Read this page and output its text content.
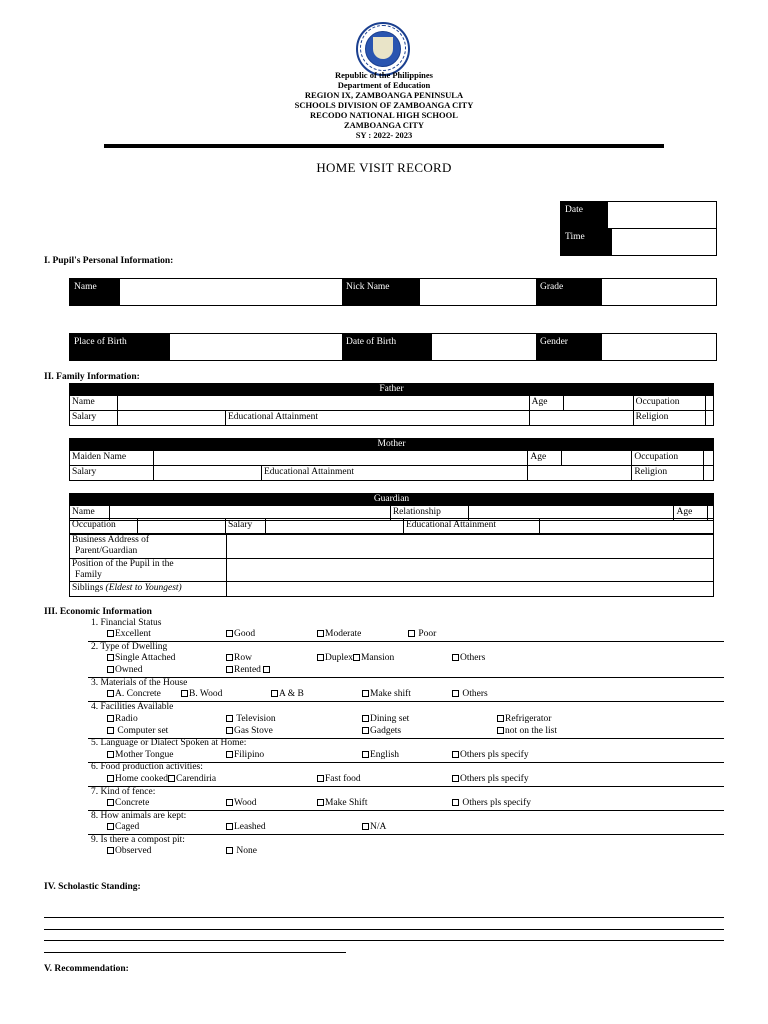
Republic of the Philippines
Department of Education
REGION IX, ZAMBOANGA PENINSULA
SCHOOLS DIVISION OF ZAMBOANGA CITY
RECODO NATIONAL HIGH SCHOOL
ZAMBOANGA CITY
SY : 2022- 2023
HOME VISIT RECORD
Date
Time
I. Pupil's Personal Information:
Name	Nick Name	Grade
Place of Birth	Date of Birth	Gender
II. Family Information:
Father						
Name			Age		Occupation	
Salary		Educational Attainment			Religion	
Mother						
Maiden Name			Age		Occupation	
Salary		Educational Attainment			Religion	
Guardian
Name		Relationship		Age	
Occupation		Salary		Educational Attainment	
Business Address of
Parent/Guardian	

Position of the Pupil in the
Family	

Siblings (Eldest to Youngest)	
III. Economic Information
1. Financial Status
Excellent	Good	Moderate	Poor
2. Type of Dwelling
Single Attached	Row	Duplex Mansion	Others
Owned	Rented
3. Materials of the House
A. Concrete	B. Wood	A & B	Make shift	Others
4. Facilities Available
Radio	Television	Dining set	Refrigerator
Computer set	Gas Stove	Gadgets	not on the list
5. Language or Dialect Spoken at Home:
Mother Tongue	Filipino	English	Others pls specify
6. Food production activities:
Home cooked Carendiria	Fast food	Others pls specify
7. Kind of fence:
Concrete	Wood	Make Shift	Others pls specify
8. How animals are kept:
Caged	Leashed	N/A
9. Is there a compost pit:
Observed	None
IV. Scholastic Standing:
V. Recommendation:
